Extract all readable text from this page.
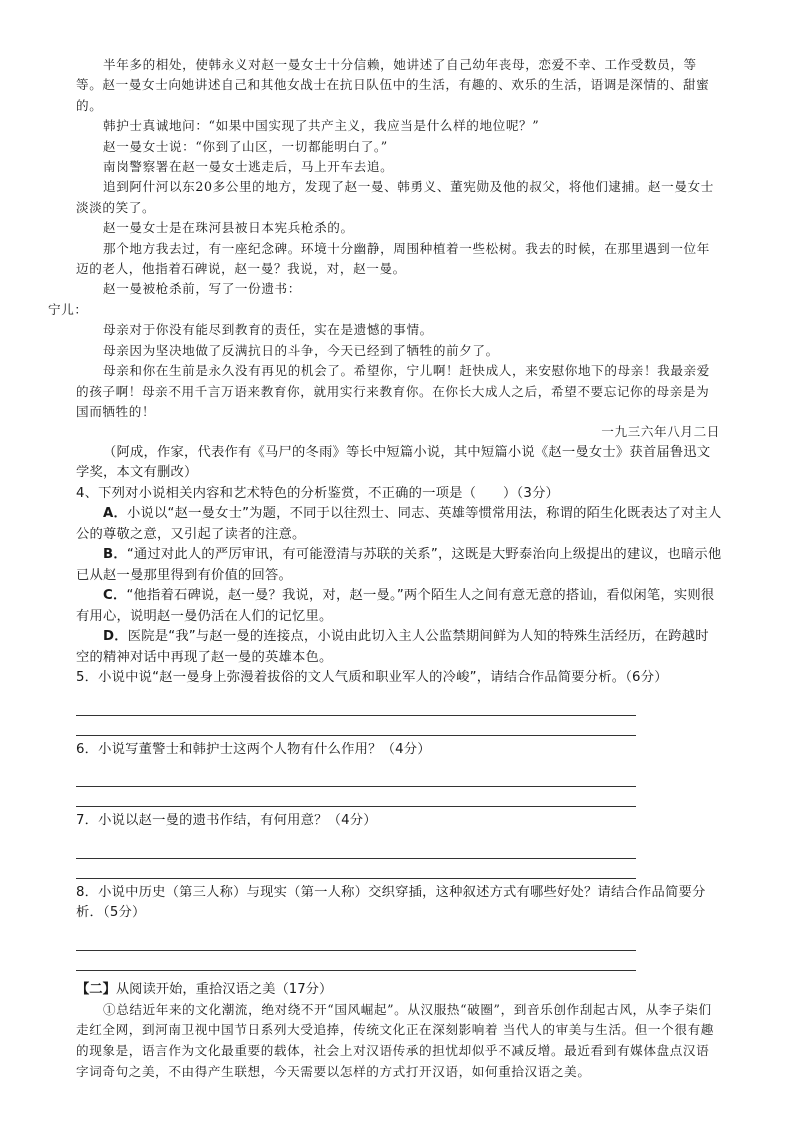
半年多的相处，使韩永义对赵一曼女士十分信赖，她讲述了自己幼年丧母，恋爱不幸、工作受数员，等等。赵一曼女士向她讲述自己和其他女战士在抗日队伍中的生活，有趣的、欢乐的生活，语调是深情的、甜蜜的。

韩护士真诚地问：“如果中国实现了共产主义，我应当是什么样的地位呢？”

赵一曼女士说：“你到了山区，一切都能明白了。”

南岗警察署在赵一曼女士逃走后，马上开车去追。

追到阿什河以东20多公里的地方，发现了赵一曼、韩勇义、董宪勋及他的叔父，将他们逮捕。赵一曼女士淡淡的笑了。

赵一曼女士是在珠河县被日本宪兵枪杀的。

那个地方我去过，有一座纪念碑。环境十分幽静，周围种植着一些松树。我去的时候，在那里遇到一位年迈的老人，他指着石碑说，赵一曼？我说，对，赵一曼。

赵一曼被枪杀前，写了一份遗书：

宁儿：

母亲对于你没有能尽到教育的责任，实在是遗憾的事情。

母亲因为坚决地做了反满抗日的斗争，今天已经到了牺牲的前夕了。

母亲和你在生前是永久没有再见的机会了。希望你，宁儿啊！赶快成人，来安慰你地下的母亲！我最亲爱的孩子啊！母亲不用千言万语来教育你，就用实行来教育你。在你长大成人之后，希望不要忘记你的母亲是为国而牺牲的！

一九三六年八月二日

（阿成，作家，代表作有《马尸的冬雨》等长中短篇小说，其中短篇小说《赵一曼女士》获首届鲁迅文学奖，本文有删改）

4、下列对小说相关内容和艺术特色的分析鉴赏，不正确的一项是（　　）（3分）

A．小说以“赵一曼女士”为题，不同于以往烈士、同志、英雄等惯常用法，称谓的陌生化既表达了对主人公的尊敬之意，又引起了读者的注意。

B．“通过对此人的严厉审讯，有可能澄清与苏联的关系”，这既是大野泰治向上级提出的建议，也暗示他已从赵一曼那里得到有价值的回答。

C．“他指着石碑说，赵一曼？我说，对，赵一曼。”两个陌生人之间有意无意的搭讪，看似闲笔，实则很有用心，说明赵一曼仍活在人们的记忆里。

D．医院是“我”与赵一曼的连接点，小说由此切入主人公监禁期间鲜为人知的特殊生活经历，在跨越时空的精神对话中再现了赵一曼的英雄本色。

5．小说中说“赵一曼身上弥漫着拔俗的文人气质和职业军人的冷峻”，请结合作品简要分析。（6分）

6．小说写董警士和韩护士这两个人物有什么作用？（4分）

7．小说以赵一曼的遗书作结，有何用意？（4分）

8．小说中历史（第三人称）与现实（第一人称）交织穿插，这种叙述方式有哪些好处？请结合作品简要分析．（5分）

【二】从阅读开始，重拾汉语之美（17分）

①总结近年来的文化潮流，绝对绕不开“国风崛起”。从汉服热“破圈”，到音乐创作刮起古风，从李子柒们走红全网，到河南卫视中国节日系列大受追捧，传统文化正在深刻影响着 当代人的审美与生活。但一个很有趣的现象是，语言作为文化最重要的载体，社会上对汉语传承的担忧却似乎不减反增。最近看到有媒体盘点汉语字词奇句之美，不由得产生联想，今天需要以怎样的方式打开汉语，如何重拾汉语之美。
